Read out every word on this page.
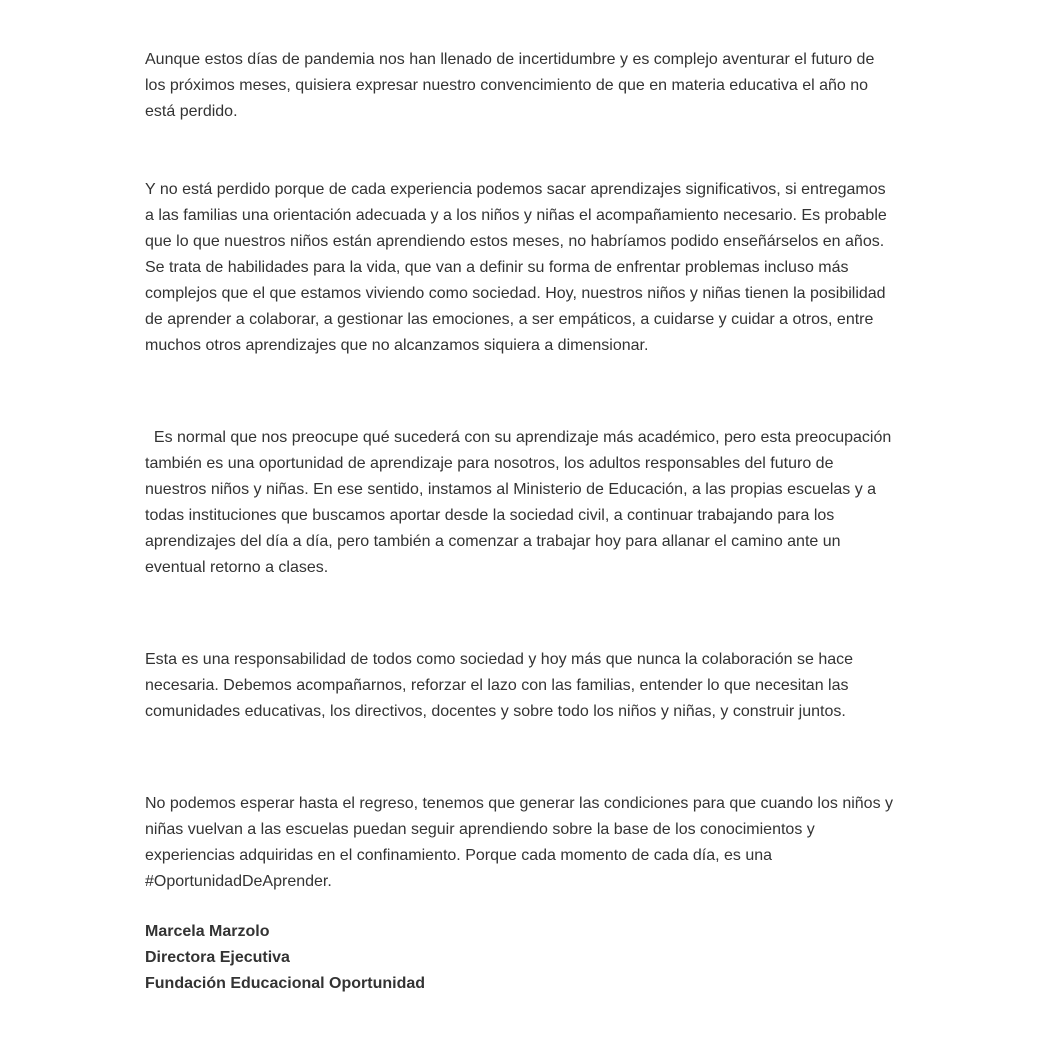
Aunque estos días de pandemia nos han llenado de incertidumbre y es complejo aventurar el futuro de
los próximos meses, quisiera expresar nuestro convencimiento de que en materia educativa el año no
está perdido.

Y no está perdido porque de cada experiencia podemos sacar aprendizajes significativos, si entregamos
a las familias una orientación adecuada y a los niños y niñas el acompañamiento necesario. Es probable
que lo que nuestros niños están aprendiendo estos meses, no habríamos podido enseñárselos en años.
Se trata de habilidades para la vida, que van a definir su forma de enfrentar problemas incluso más
complejos que el que estamos viviendo como sociedad. Hoy, nuestros niños y niñas tienen la posibilidad
de aprender a colaborar, a gestionar las emociones, a ser empáticos, a cuidarse y cuidar a otros, entre
muchos otros aprendizajes que no alcanzamos siquiera a dimensionar.

Es normal que nos preocupe qué sucederá con su aprendizaje más académico, pero esta preocupación
también es una oportunidad de aprendizaje para nosotros, los adultos responsables del futuro de
nuestros niños y niñas. En ese sentido, instamos al Ministerio de Educación, a las propias escuelas y a
todas instituciones que buscamos aportar desde la sociedad civil, a continuar trabajando para los
aprendizajes del día a día, pero también a comenzar a trabajar hoy para allanar el camino ante un
eventual retorno a clases.

Esta es una responsabilidad de todos como sociedad y hoy más que nunca la colaboración se hace
necesaria. Debemos acompañarnos, reforzar el lazo con las familias, entender lo que necesitan las
comunidades educativas, los directivos, docentes y sobre todo los niños y niñas, y construir juntos.

No podemos esperar hasta el regreso, tenemos que generar las condiciones para que cuando los niños y
niñas vuelvan a las escuelas puedan seguir aprendiendo sobre la base de los conocimientos y
experiencias adquiridas en el confinamiento. Porque cada momento de cada día, es una
#OportunidadDeAprender.

Marcela Marzolo
Directora Ejecutiva
Fundación Educacional Oportunidad
